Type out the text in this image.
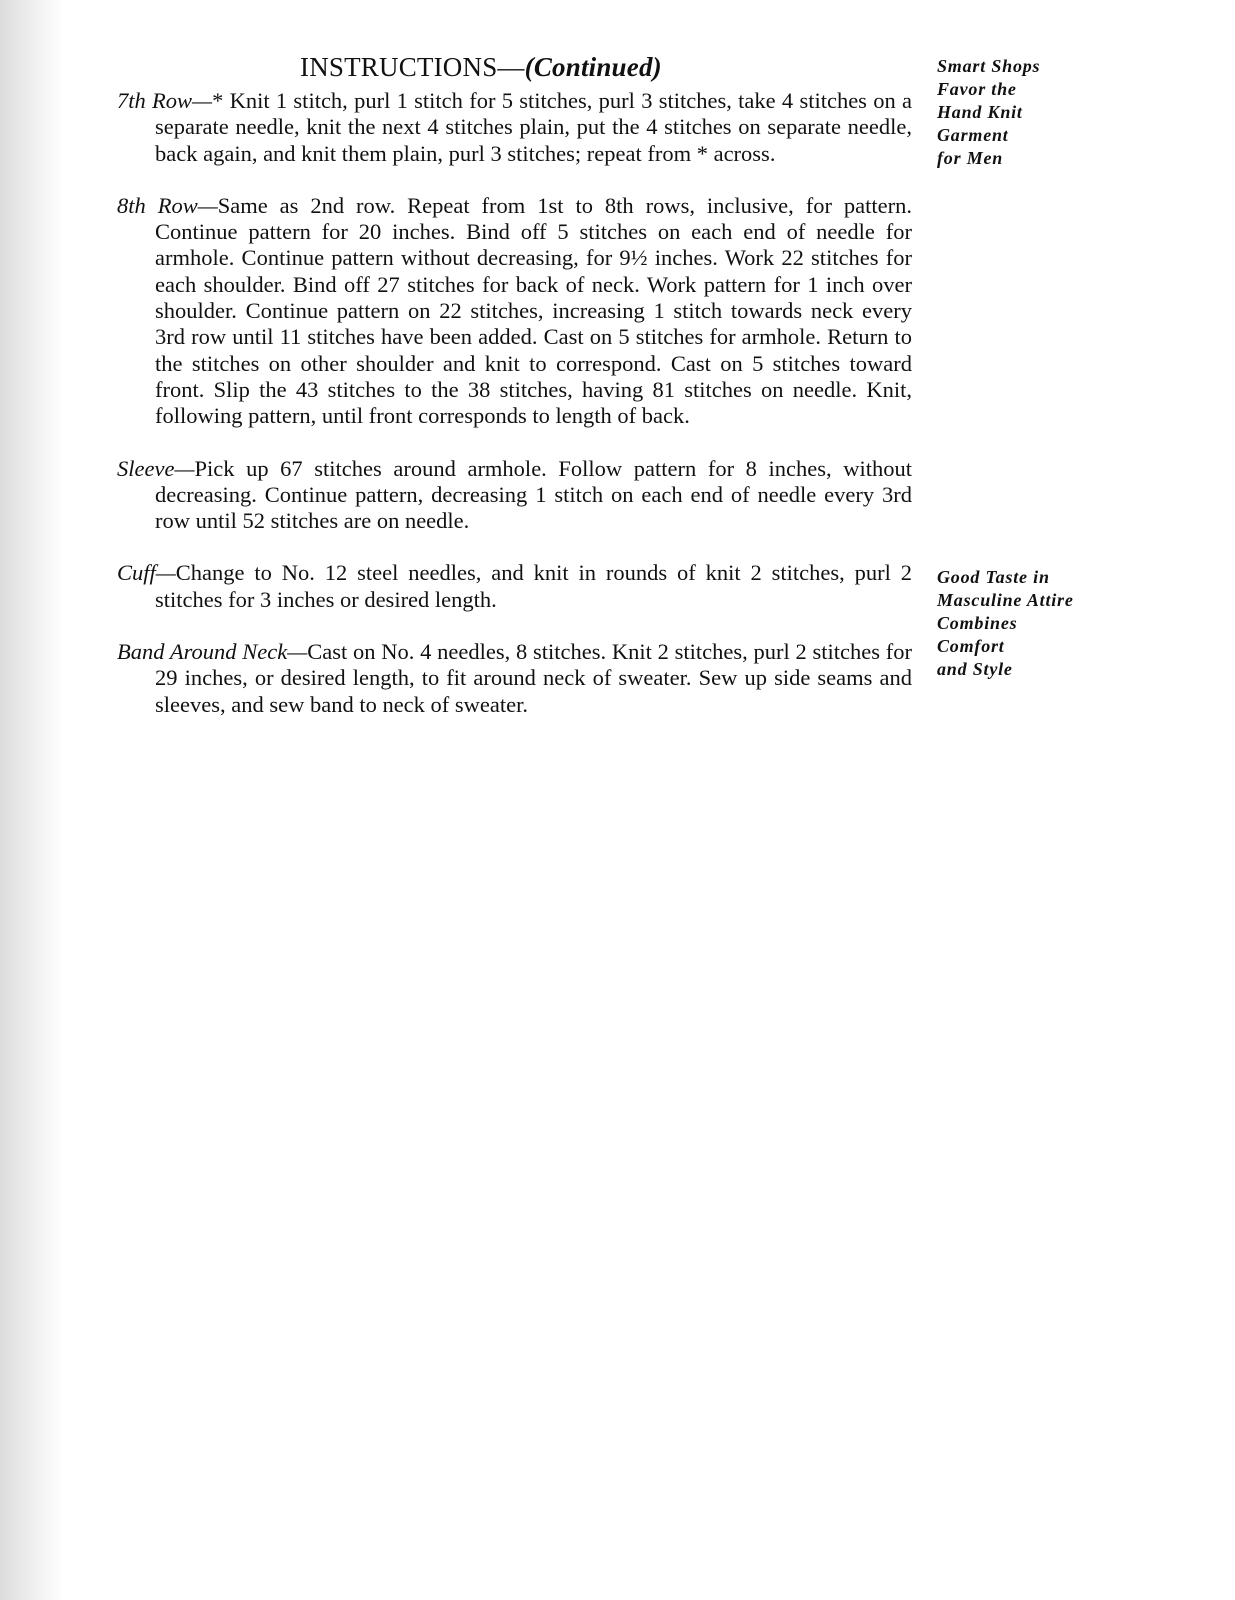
INSTRUCTIONS—(Continued)

7th Row—* Knit 1 stitch, purl 1 stitch for 5 stitches, purl 3 stitches, take 4 stitches on a separate needle, knit the next 4 stitches plain, put the 4 stitches on separate needle, back again, and knit them plain, purl 3 stitches; repeat from * across.

8th Row—Same as 2nd row. Repeat from 1st to 8th rows, inclusive, for pattern. Continue pattern for 20 inches. Bind off 5 stitches on each end of needle for armhole. Continue pattern without decreasing, for 9½ inches. Work 22 stitches for each shoulder. Bind off 27 stitches for back of neck. Work pattern for 1 inch over shoulder. Continue pattern on 22 stitches, increasing 1 stitch towards neck every 3rd row until 11 stitches have been added. Cast on 5 stitches for armhole. Return to the stitches on other shoulder and knit to correspond. Cast on 5 stitches toward front. Slip the 43 stitches to the 38 stitches, having 81 stitches on needle. Knit, following pattern, until front corresponds to length of back.

Sleeve—Pick up 67 stitches around armhole. Follow pattern for 8 inches, without decreasing. Continue pattern, decreasing 1 stitch on each end of needle every 3rd row until 52 stitches are on needle.

Cuff—Change to No. 12 steel needles, and knit in rounds of knit 2 stitches, purl 2 stitches for 3 inches or desired length.

Band Around Neck—Cast on No. 4 needles, 8 stitches. Knit 2 stitches, purl 2 stitches for 29 inches, or desired length, to fit around neck of sweater. Sew up side seams and sleeves, and sew band to neck of sweater.

Smart Shops
Favor the
Hand Knit
Garment
for Men
Good Taste in
Masculine Attire
Combines
Comfort
and Style
